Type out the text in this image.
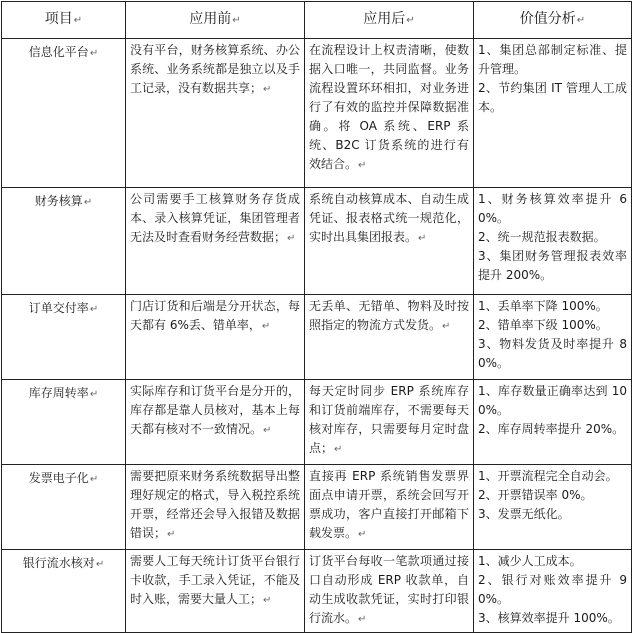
项目↵	应用前↵	应用后↵	价值分析↵
信息化平台↵	没有平台，财务核算系统、办公系统、业务系统都是独立以及手工记录，没有数据共享；↵	在流程设计上权责清晰，使数据入口唯一，共同监督。业务流程设置环环相扣，对业务进行了有效的监控并保障数据准确。将 OA 系统、ERP 系统、B2C 订货系统的进行有效结合。↵	1、集团总部制定标准、提升管理。
2、节约集团 IT 管理人工成本。

财务核算↵	公司需要手工核算财务存货成本、录入核算凭证，集团管理者无法及时查看财务经营数据；↵	系统自动核算成本、自动生成凭证、报表格式统一规范化，实时出具集团报表。↵	1、财务核算效率提升 60%。
2、统一规范报表数据。
3、集团财务管理报表效率提升 200%。

订单交付率↵	门店订货和后端是分开状态，每天都有 6%丢、错单率，↵	无丢单、无错单、物料及时按照指定的物流方式发货。↵	1、丢单率下降 100%。
2、错单率下级 100%。
3、物料发货及时率提升 80%。

库存周转率↵	实际库存和订货平台是分开的，库存都是靠人员核对，基本上每天都有核对不一致情况。↵	每天定时同步 ERP 系统库存和订货前端库存，不需要每天核对库存，只需要每月定时盘点；↵	1、库存数量正确率达到 100%。
2、库存周转率提升 20%。

发票电子化↵	需要把原来财务系统数据导出整理好规定的格式，导入税控系统开票，经常还会导入报错及数据错误；↵	直接再 ERP 系统销售发票界面点申请开票，系统会回写开票成功，客户直接打开邮箱下载发票。↵	1、开票流程完全自动会。
2、开票错误率 0%。
3、发票无纸化。

银行流水核对↵	需要人工每天统计订货平台银行卡收款，手工录入凭证，不能及时入账，需要大量人工；↵	订货平台每收一笔款项通过接口自动形成 ERP 收款单，自动生成收款凭证，实时打印银行流水。↵	1、减少人工成本。
2、银行对账效率提升 90%。
3、核算效率提升 100%。
